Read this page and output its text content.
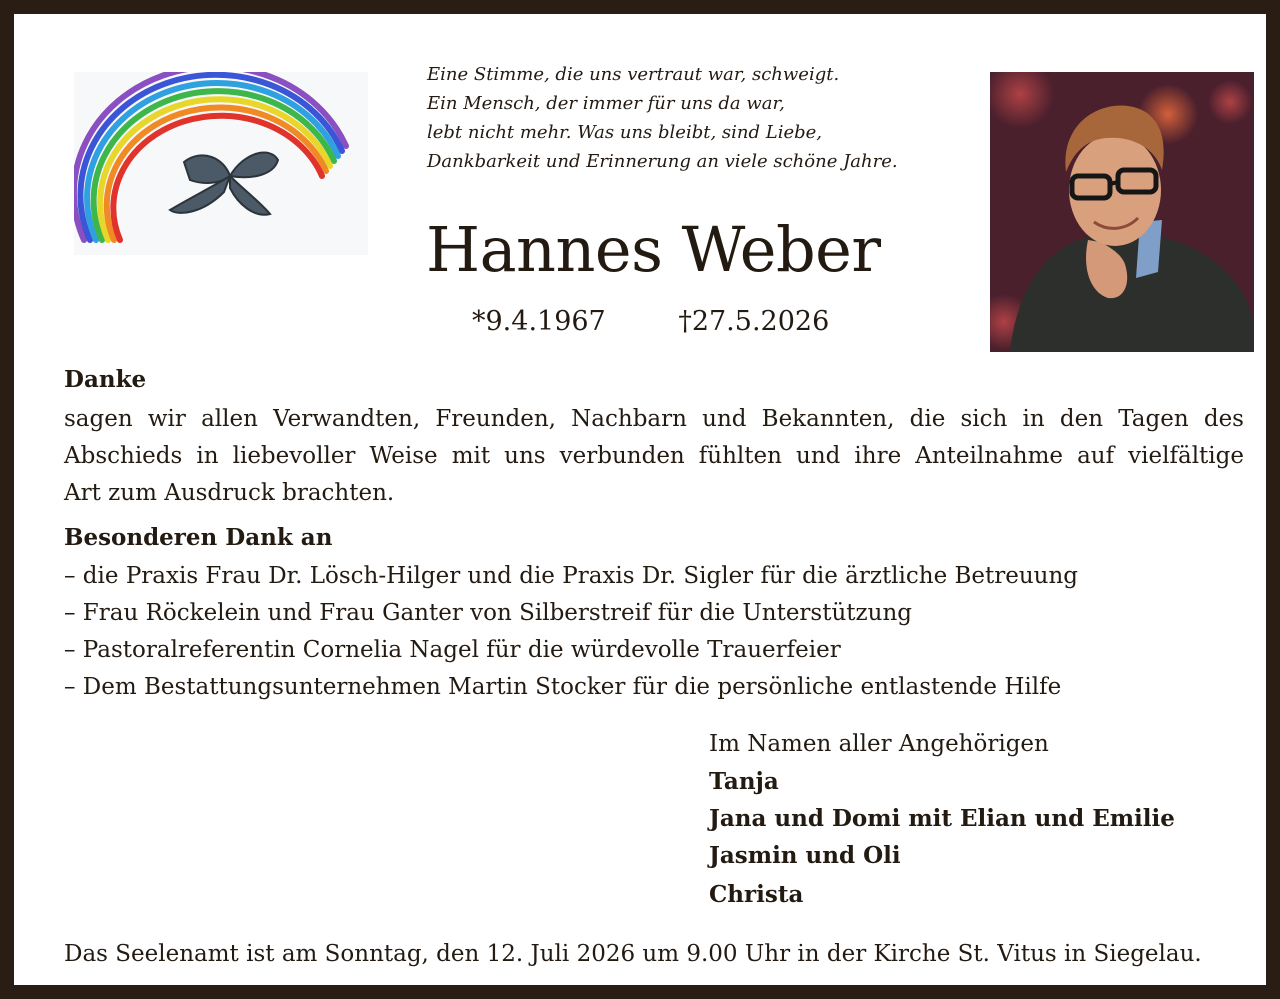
Eine Stimme, die uns vertraut war, schweigt.
Ein Mensch, der immer für uns da war,
lebt nicht mehr. Was uns bleibt, sind Liebe,
Dankbarkeit und Erinnerung an viele schöne Jahre.
Hannes Weber
*9.4.1967	†27.5.2026
Danke
sagen wir allen Verwandten, Freunden, Nachbarn und Bekannten, die sich in den Tagen des
Abschieds in liebevoller Weise mit uns verbunden fühlten und ihre Anteilnahme auf vielfältige
Art zum Ausdruck brachten.
Besonderen Dank an
– die Praxis Frau Dr. Lösch-Hilger und die Praxis Dr. Sigler für die ärztliche Betreuung
– Frau Röckelein und Frau Ganter von Silberstreif für die Unterstützung
– Pastoralreferentin Cornelia Nagel für die würdevolle Trauerfeier
– Dem Bestattungsunternehmen Martin Stocker für die persönliche entlastende Hilfe
Im Namen aller Angehörigen
Tanja
Jana und Domi mit Elian und Emilie
Jasmin und Oli
Christa
Das Seelenamt ist am Sonntag, den 12. Juli 2026 um 9.00 Uhr in der Kirche St. Vitus in Siegelau.
